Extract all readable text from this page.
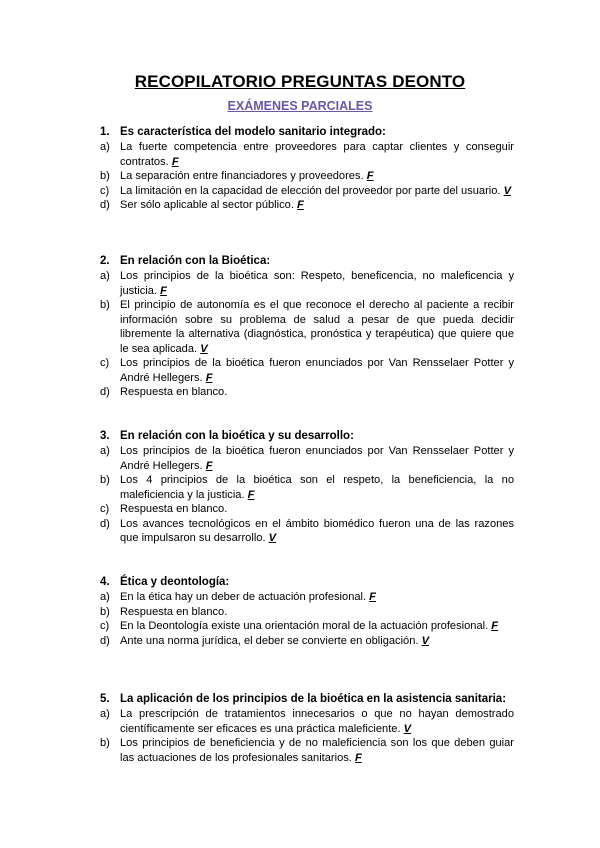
RECOPILATORIO PREGUNTAS DEONTO
EXÁMENES PARCIALES
1. Es característica del modelo sanitario integrado:
a) La fuerte competencia entre proveedores para captar clientes y conseguir contratos. F
b) La separación entre financiadores y proveedores. F
c) La limitación en la capacidad de elección del proveedor por parte del usuario. V
d) Ser sólo aplicable al sector público. F
2. En relación con la Bioética:
a) Los principios de la bioética son: Respeto, beneficencia, no maleficencia y justicia. F
b) El principio de autonomía es el que reconoce el derecho al paciente a recibir información sobre su problema de salud a pesar de que pueda decidir libremente la alternativa (diagnóstica, pronóstica y terapéutica) que quiere que le sea aplicada. V
c) Los principios de la bioética fueron enunciados por Van Rensselaer Potter y André Hellegers. F
d) Respuesta en blanco.
3. En relación con la bioética y su desarrollo:
a) Los principios de la bioética fueron enunciados por Van Rensselaer Potter y André Hellegers. F
b) Los 4 principios de la bioética son el respeto, la beneficiencia, la no maleficiencia y la justicia. F
c) Respuesta en blanco.
d) Los avances tecnológicos en el ámbito biomédico fueron una de las razones que impulsaron su desarrollo. V
4. Ética y deontología:
a) En la ética hay un deber de actuación profesional. F
b) Respuesta en blanco.
c) En la Deontología existe una orientación moral de la actuación profesional. F
d) Ante una norma jurídica, el deber se convierte en obligación. V
5. La aplicación de los principios de la bioética en la asistencia sanitaria:
a) La prescripción de tratamientos innecesarios o que no hayan demostrado científicamente ser eficaces es una práctica maleficiente. V
b) Los principios de beneficiencia y de no maleficiencia son los que deben guiar las actuaciones de los profesionales sanitarios. F
